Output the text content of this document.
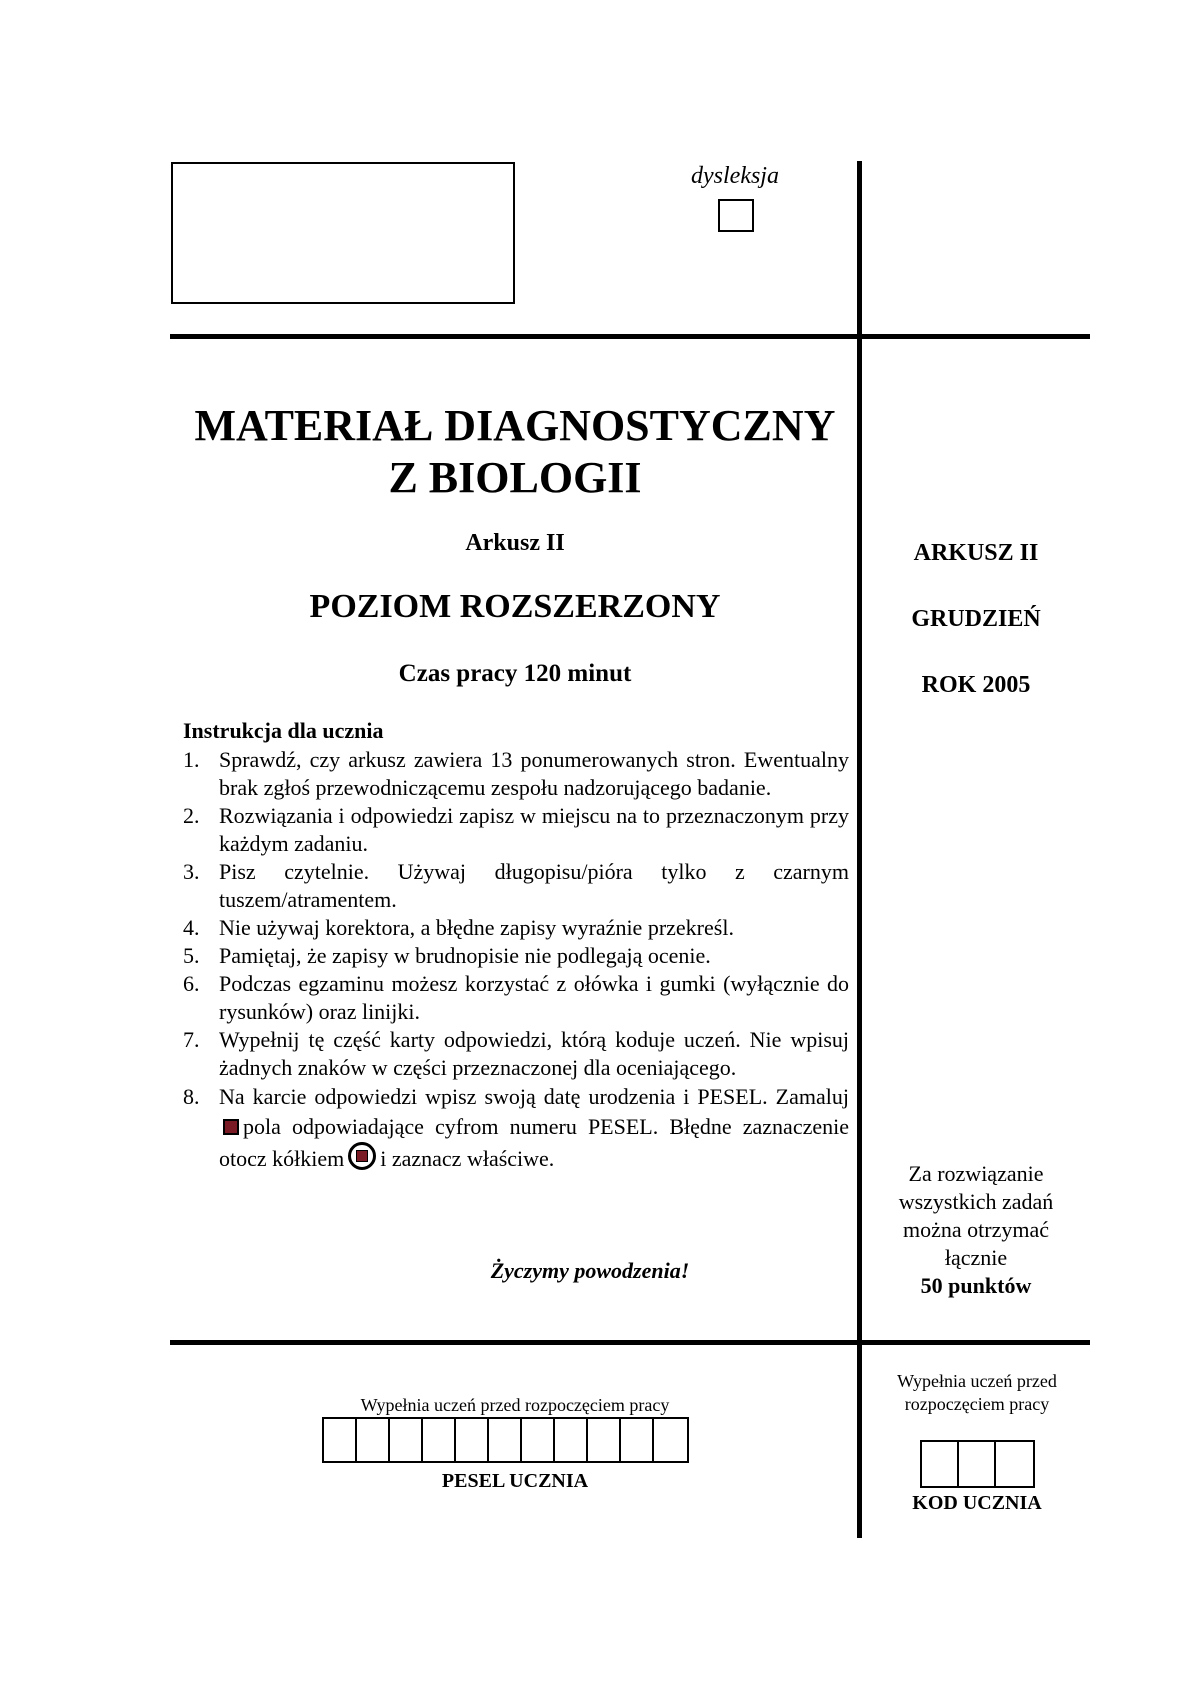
dysleksja
MATERIAŁ DIAGNOSTYCZNY
Z BIOLOGII
Arkusz II
POZIOM ROZSZERZONY
Czas pracy 120 minut
Instrukcja dla ucznia
1. Sprawdź, czy arkusz zawiera 13 ponumerowanych stron. Ewentualny brak zgłoś przewodniczącemu zespołu nadzorującego badanie.
2. Rozwiązania i odpowiedzi zapisz w miejscu na to przeznaczonym przy każdym zadaniu.
3. Pisz czytelnie. Używaj długopisu/pióra tylko z czarnym tuszem/atramentem.
4. Nie używaj korektora, a błędne zapisy wyraźnie przekreśl.
5. Pamiętaj, że zapisy w brudnopisie nie podlegają ocenie.
6. Podczas egzaminu możesz korzystać z ołówka i gumki (wyłącznie do rysunków) oraz linijki.
7. Wypełnij tę część karty odpowiedzi, którą koduje uczeń. Nie wpisuj żadnych znaków w części przeznaczonej dla oceniającego.
8. Na karcie odpowiedzi wpisz swoją datę urodzenia i PESEL. Zamalujpola odpowiadające cyfrom numeru PESEL. Błędne zaznaczenie otocz kółkiem i zaznacz właściwe.
Życzymy powodzenia!
ARKUSZ II
GRUDZIEŃ
ROK 2005
Za rozwiązanie
wszystkich zadań
można otrzymać
łącznie
50 punktów
Wypełnia uczeń przed rozpoczęciem pracy
PESEL UCZNIA
Wypełnia uczeń przed rozpoczęciem pracy
KOD UCZNIA
